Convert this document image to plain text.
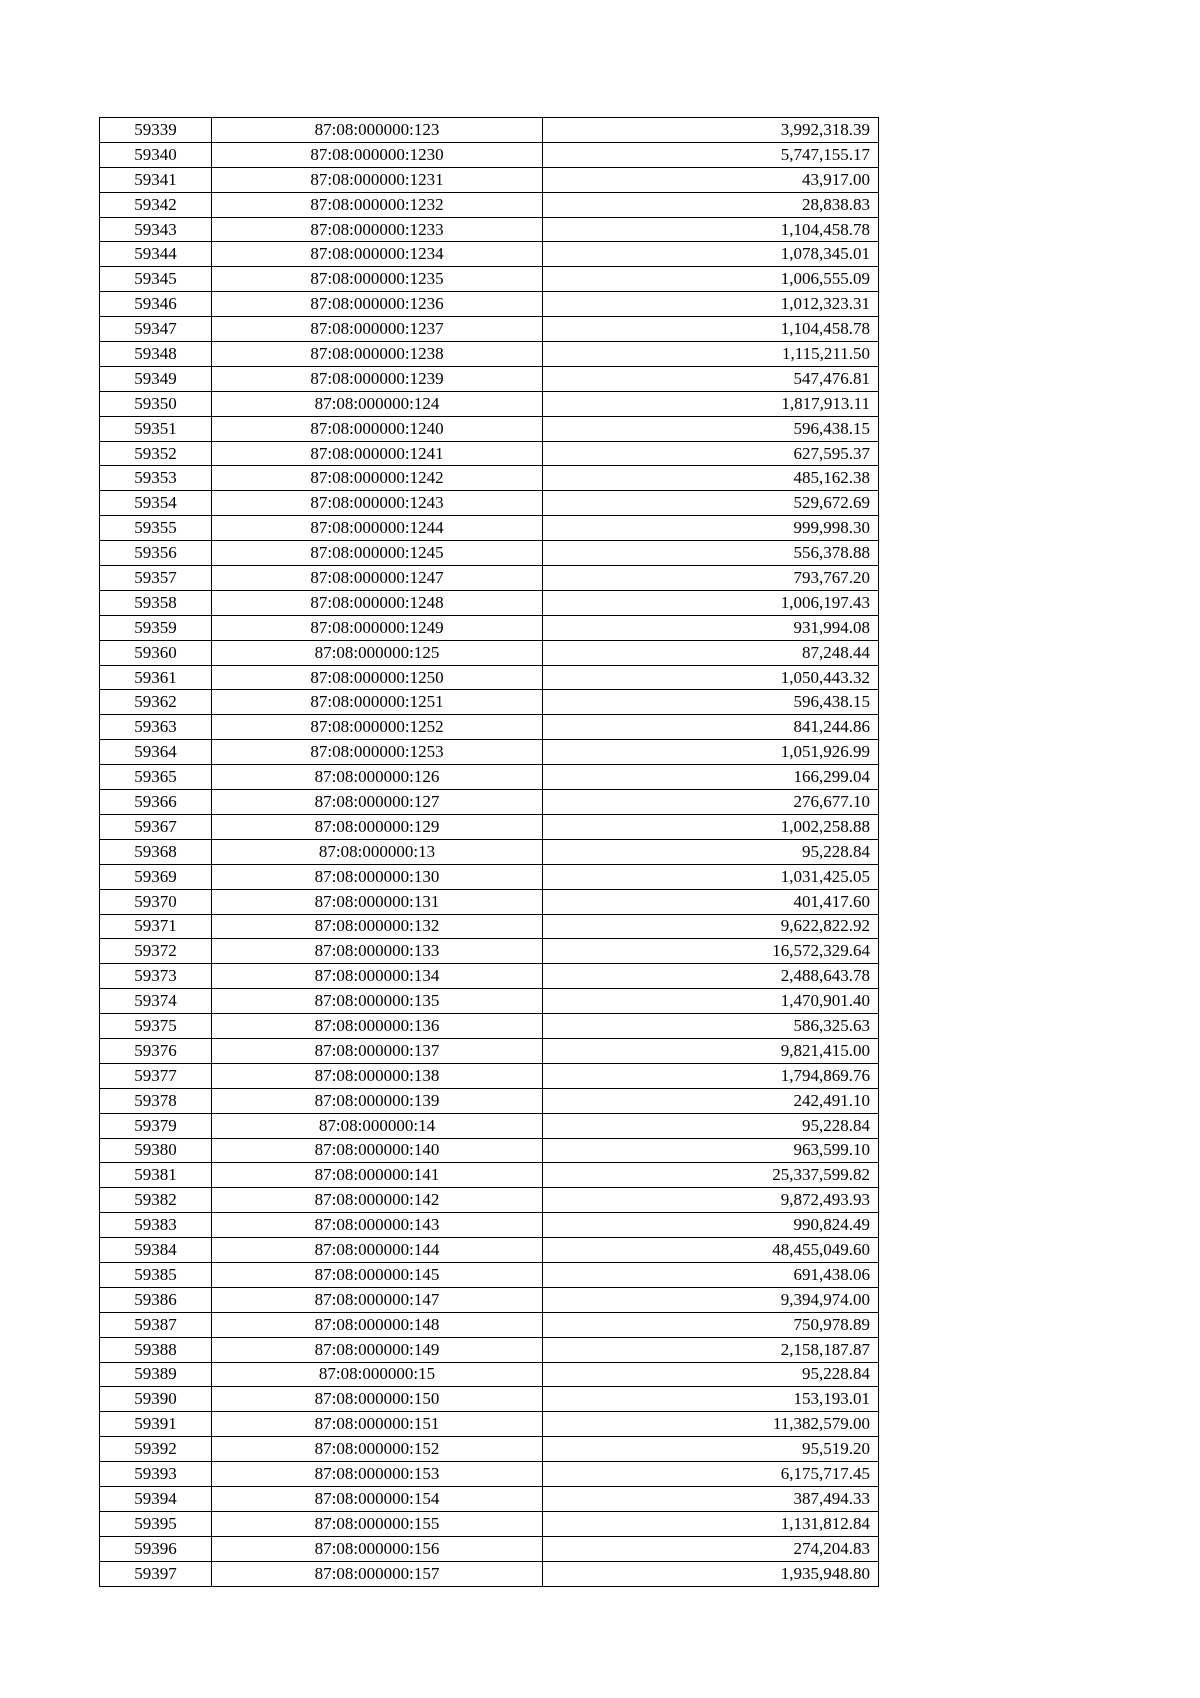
59339	87:08:000000:123	3,992,318.39
59340	87:08:000000:1230	5,747,155.17
59341	87:08:000000:1231	43,917.00
59342	87:08:000000:1232	28,838.83
59343	87:08:000000:1233	1,104,458.78
59344	87:08:000000:1234	1,078,345.01
59345	87:08:000000:1235	1,006,555.09
59346	87:08:000000:1236	1,012,323.31
59347	87:08:000000:1237	1,104,458.78
59348	87:08:000000:1238	1,115,211.50
59349	87:08:000000:1239	547,476.81
59350	87:08:000000:124	1,817,913.11
59351	87:08:000000:1240	596,438.15
59352	87:08:000000:1241	627,595.37
59353	87:08:000000:1242	485,162.38
59354	87:08:000000:1243	529,672.69
59355	87:08:000000:1244	999,998.30
59356	87:08:000000:1245	556,378.88
59357	87:08:000000:1247	793,767.20
59358	87:08:000000:1248	1,006,197.43
59359	87:08:000000:1249	931,994.08
59360	87:08:000000:125	87,248.44
59361	87:08:000000:1250	1,050,443.32
59362	87:08:000000:1251	596,438.15
59363	87:08:000000:1252	841,244.86
59364	87:08:000000:1253	1,051,926.99
59365	87:08:000000:126	166,299.04
59366	87:08:000000:127	276,677.10
59367	87:08:000000:129	1,002,258.88
59368	87:08:000000:13	95,228.84
59369	87:08:000000:130	1,031,425.05
59370	87:08:000000:131	401,417.60
59371	87:08:000000:132	9,622,822.92
59372	87:08:000000:133	16,572,329.64
59373	87:08:000000:134	2,488,643.78
59374	87:08:000000:135	1,470,901.40
59375	87:08:000000:136	586,325.63
59376	87:08:000000:137	9,821,415.00
59377	87:08:000000:138	1,794,869.76
59378	87:08:000000:139	242,491.10
59379	87:08:000000:14	95,228.84
59380	87:08:000000:140	963,599.10
59381	87:08:000000:141	25,337,599.82
59382	87:08:000000:142	9,872,493.93
59383	87:08:000000:143	990,824.49
59384	87:08:000000:144	48,455,049.60
59385	87:08:000000:145	691,438.06
59386	87:08:000000:147	9,394,974.00
59387	87:08:000000:148	750,978.89
59388	87:08:000000:149	2,158,187.87
59389	87:08:000000:15	95,228.84
59390	87:08:000000:150	153,193.01
59391	87:08:000000:151	11,382,579.00
59392	87:08:000000:152	95,519.20
59393	87:08:000000:153	6,175,717.45
59394	87:08:000000:154	387,494.33
59395	87:08:000000:155	1,131,812.84
59396	87:08:000000:156	274,204.83
59397	87:08:000000:157	1,935,948.80
